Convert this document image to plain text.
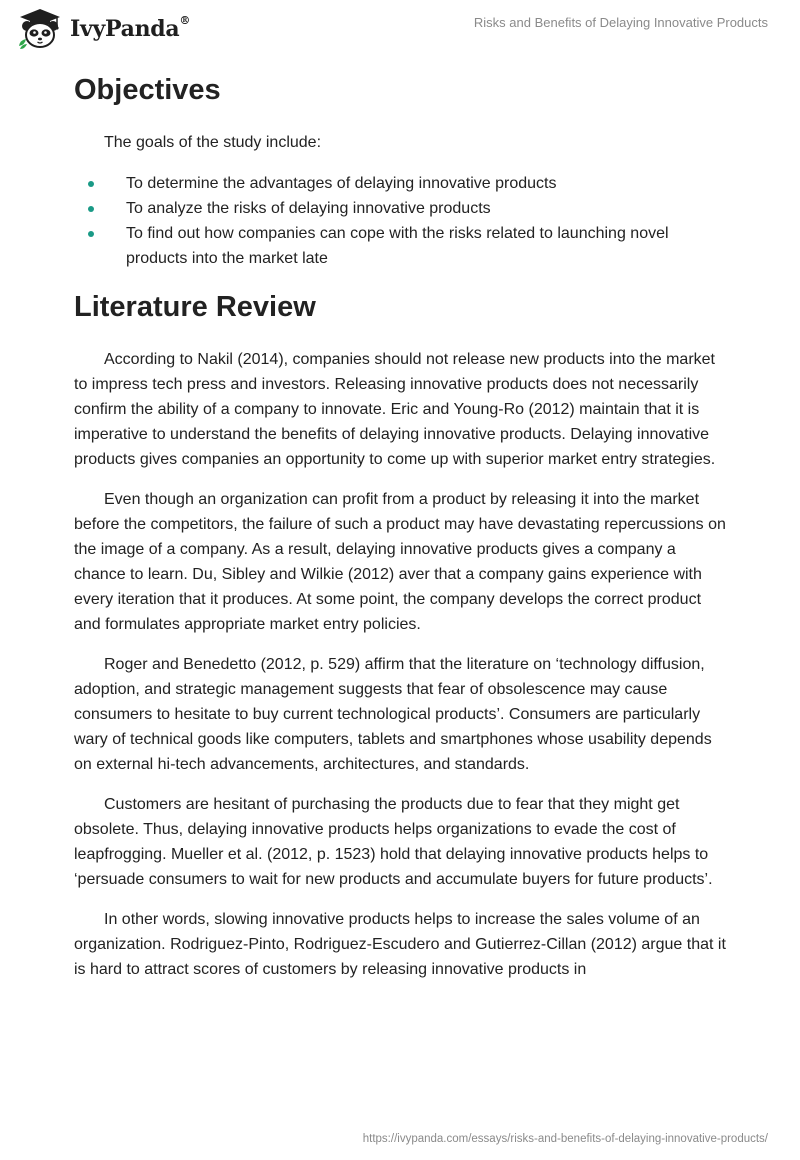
IvyPanda®	Risks and Benefits of Delaying Innovative Products
Objectives

The goals of the study include:

To determine the advantages of delaying innovative products
To analyze the risks of delaying innovative products
To find out how companies can cope with the risks related to launching novel products into the market late
Literature Review

According to Nakil (2014), companies should not release new products into the market to impress tech press and investors. Releasing innovative products does not necessarily confirm the ability of a company to innovate. Eric and Young-Ro (2012) maintain that it is imperative to understand the benefits of delaying innovative products. Delaying innovative products gives companies an opportunity to come up with superior market entry strategies.

Even though an organization can profit from a product by releasing it into the market before the competitors, the failure of such a product may have devastating repercussions on the image of a company. As a result, delaying innovative products gives a company a chance to learn. Du, Sibley and Wilkie (2012) aver that a company gains experience with every iteration that it produces. At some point, the company develops the correct product and formulates appropriate market entry policies.

Roger and Benedetto (2012, p. 529) affirm that the literature on ‘technology diffusion, adoption, and strategic management suggests that fear of obsolescence may cause consumers to hesitate to buy current technological products’. Consumers are particularly wary of technical goods like computers, tablets and smartphones whose usability depends on external hi-tech advancements, architectures, and standards.

Customers are hesitant of purchasing the products due to fear that they might get obsolete. Thus, delaying innovative products helps organizations to evade the cost of leapfrogging. Mueller et al. (2012, p. 1523) hold that delaying innovative products helps to ‘persuade consumers to wait for new products and accumulate buyers for future products’.

In other words, slowing innovative products helps to increase the sales volume of an organization. Rodriguez-Pinto, Rodriguez-Escudero and Gutierrez-Cillan (2012) argue that it is hard to attract scores of customers by releasing innovative products in

https://ivypanda.com/essays/risks-and-benefits-of-delaying-innovative-products/
